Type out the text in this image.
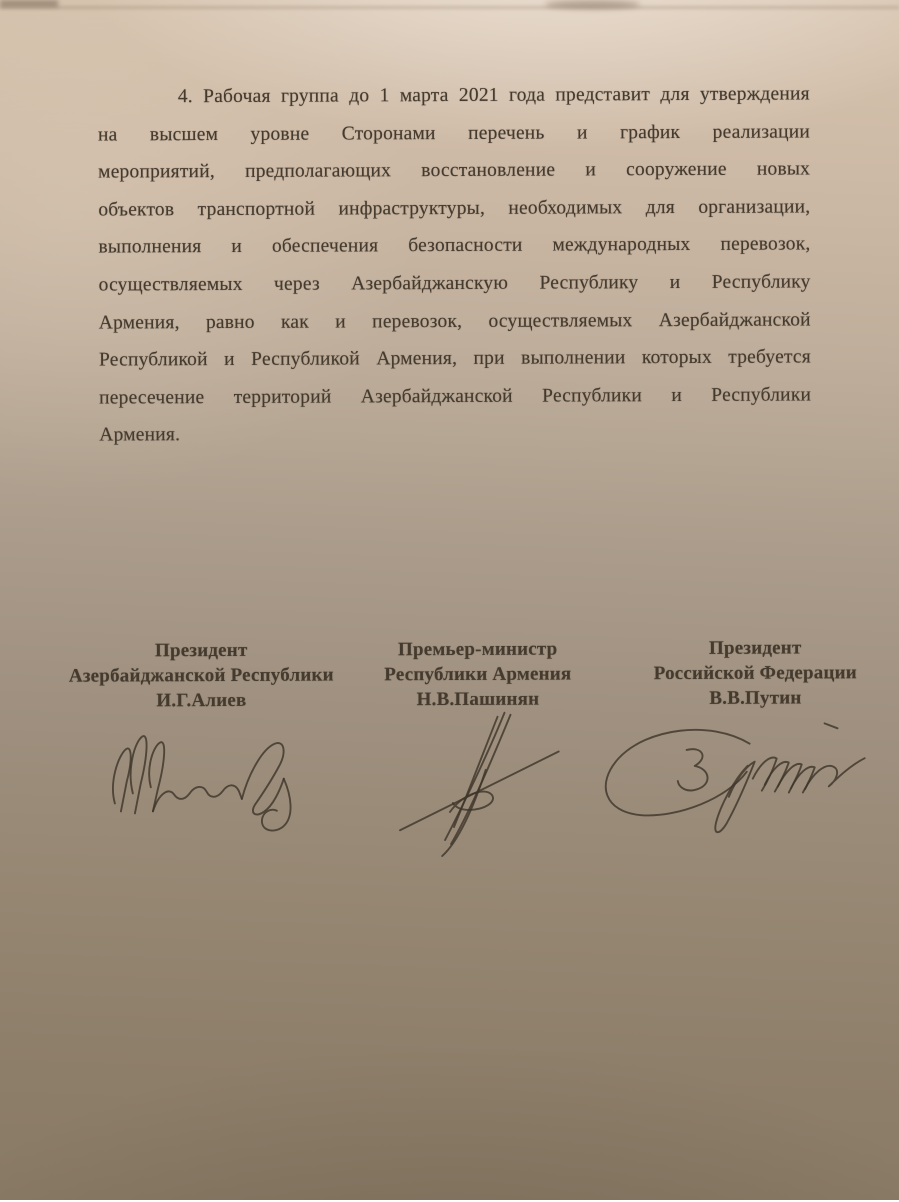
4. Рабочая группа до 1 марта 2021 года представит для утверждения
на высшем уровне Сторонами перечень и график реализации
мероприятий, предполагающих восстановление и сооружение новых
объектов транспортной инфраструктуры, необходимых для организации,
выполнения и обеспечения безопасности международных перевозок,
осуществляемых через Азербайджанскую Республику и Республику
Армения, равно как и перевозок, осуществляемых Азербайджанской
Республикой и Республикой Армения, при выполнении которых требуется
пересечение территорий Азербайджанской Республики и Республики
Армения.
Президент
Азербайджанской Республики
И.Г.Алиев
Премьер-министр
Республики Армения
Н.В.Пашинян
Президент
Российской Федерации
В.В.Путин
